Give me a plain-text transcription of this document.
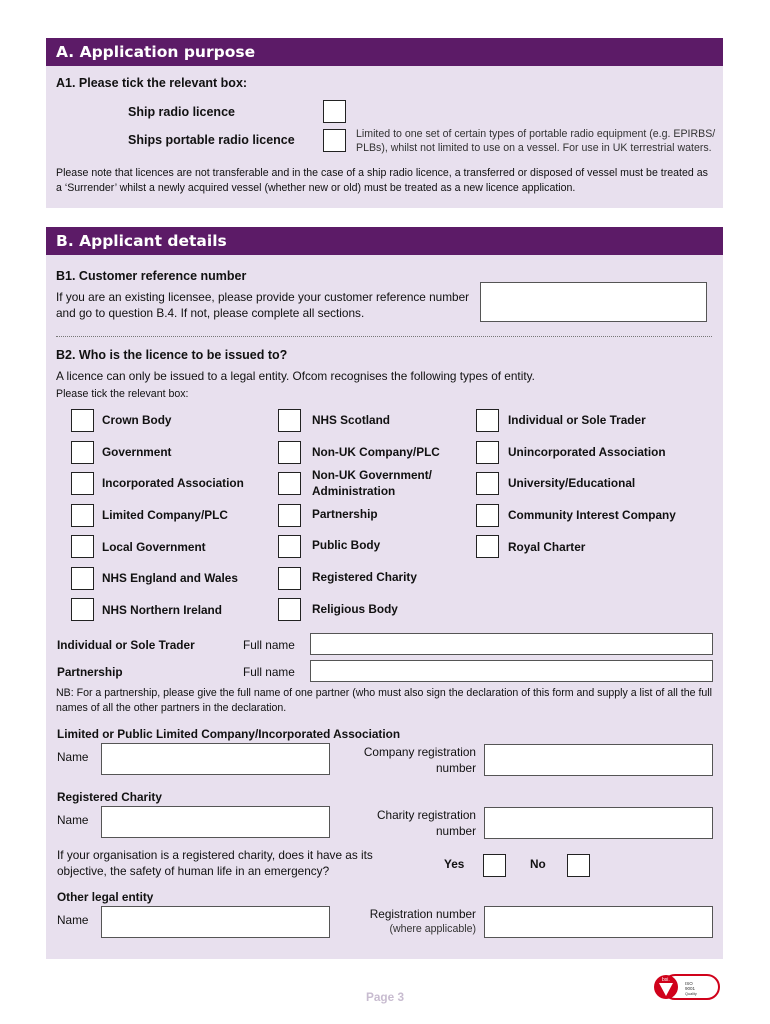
A. Application purpose
A1. Please tick the relevant box:
Ship radio licence
Ships portable radio licence	Limited to one set of certain types of portable radio equipment (e.g. EPIRBS/ PLBs), whilst not limited to use on a vessel. For use in UK terrestrial waters.
Please note that licences are not transferable and in the case of a ship radio licence, a transferred or disposed of vessel must be treated as a ‘Surrender’ whilst a newly acquired vessel (whether new or old) must be treated as a new licence application.
B. Applicant details
B1. Customer reference number
If you are an existing licensee, please provide your customer reference number and go to question B.4. If not, please complete all sections.
B2. Who is the licence to be issued to?
A licence can only be issued to a legal entity. Ofcom recognises the following types of entity.
Please tick the relevant box:
Crown Body
Government
Incorporated Association
Limited Company/PLC
Local Government
NHS England and Wales
NHS Northern Ireland
NHS Scotland
Non-UK Company/PLC
Non-UK Government/ Administration
Partnership
Public Body
Registered Charity
Religious Body
Individual or Sole Trader
Unincorporated Association
University/Educational
Community Interest Company
Royal Charter
Individual or Sole Trader	Full name
Partnership	Full name
NB: For a partnership, please give the full name of one partner (who must also sign the declaration of this form and supply a list of all the full names of all the other partners in the declaration.
Limited or Public Limited Company/Incorporated Association
Name	Company registration number
Registered Charity
Name	Charity registration number
If your organisation is a registered charity, does it have as its objective, the safety of human life in an emergency?	Yes	No
Other legal entity
Name	Registration number
(where applicable)
Page 3
bsi.
ISO
9001
Quality
